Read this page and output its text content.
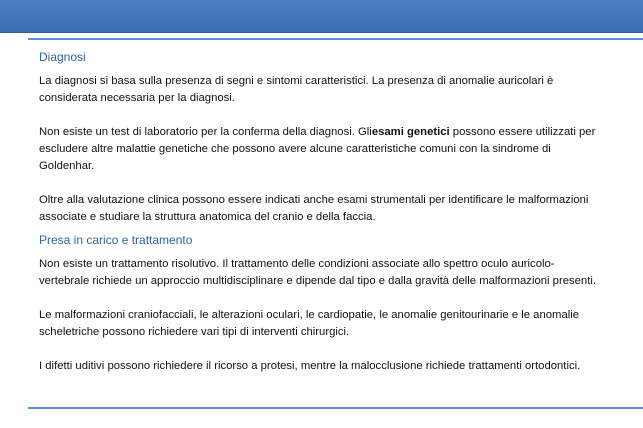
Diagnosi

La diagnosi si basa sulla presenza di segni e sintomi caratteristici. La presenza di anomalie auricolari è considerata necessaria per la diagnosi.

Non esiste un test di laboratorio per la conferma della diagnosi. Gliesami genetici possono essere utilizzati per escludere altre malattie genetiche che possono avere alcune caratteristiche comuni con la sindrome di Goldenhar.

Oltre alla valutazione clinica possono essere indicati anche esami strumentali per identificare le malformazioni associate e studiare la struttura anatomica del cranio e della faccia.

Presa in carico e trattamento

Non esiste un trattamento risolutivo. Il trattamento delle condizioni associate allo spettro oculo auricolo-vertebrale richiede un approccio multidisciplinare e dipende dal tipo e dalla gravità delle malformazioni presenti.

Le malformazioni craniofacciali, le alterazioni oculari, le cardiopatie, le anomalie genitourinarie e le anomalie scheletriche possono richiedere vari tipi di interventi chirurgici.

I difetti uditivi possono richiedere il ricorso a protesi, mentre la malocclusione richiede trattamenti ortodontici.
